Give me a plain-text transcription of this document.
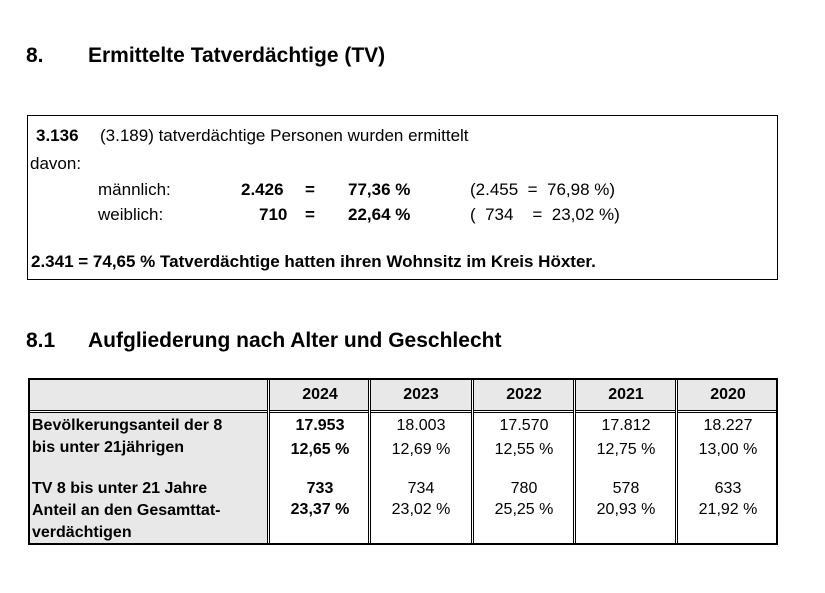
8. Ermittelte Tatverdächtige (TV)
3.136 (3.189) tatverdächtige Personen wurden ermittelt
davon:
männlich:	2.426 = 77,36 %	(2.455  =  76,98 %)
weiblich:	710 = 22,64 %	(  734    =  23,02 %)
2.341 = 74,65 % Tatverdächtige hatten ihren Wohnsitz im Kreis Höxter.
8.1 Aufgliederung nach Alter und Geschlecht
2024	2023	2022	2021	2020
Bevölkerungsanteil der 8
bis unter 21jährigen
17.953	18.003	17.570	17.812	18.227
12,65 %	12,69 %	12,55 %	12,75 %	13,00 %
TV 8 bis unter 21 Jahre
Anteil an den Gesamttat-
verdächtigen
733	734	780	578	633
23,37 %	23,02 %	25,25 %	20,93 %	21,92 %
